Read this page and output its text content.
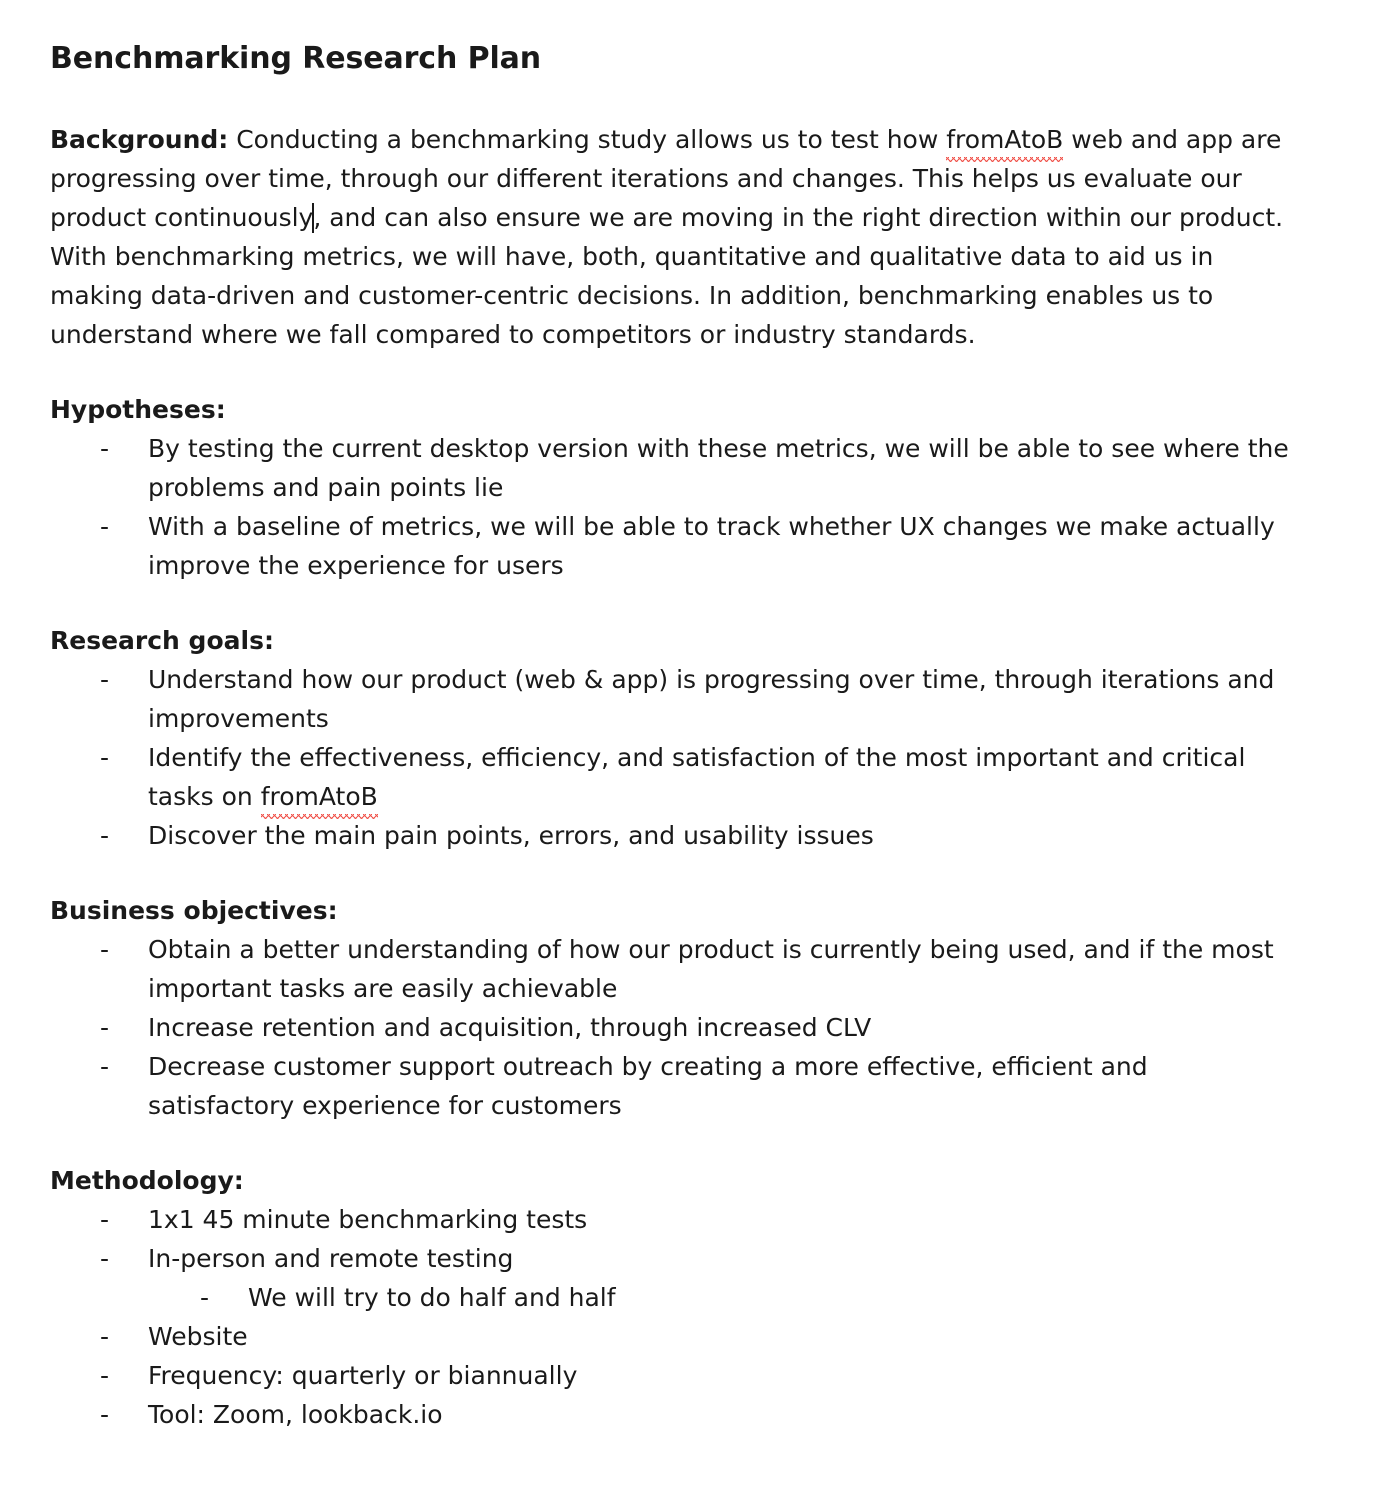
Benchmarking Research Plan

Background: Conducting a benchmarking study allows us to test how fromAtoB web and app are progressing over time, through our different iterations and changes. This helps us evaluate our product continuously, and can also ensure we are moving in the right direction within our product. With benchmarking metrics, we will have, both, quantitative and qualitative data to aid us in making data-driven and customer-centric decisions. In addition, benchmarking enables us to understand where we fall compared to competitors or industry standards.

Hypotheses:
- By testing the current desktop version with these metrics, we will be able to see where the problems and pain points lie
- With a baseline of metrics, we will be able to track whether UX changes we make actually improve the experience for users
Research goals:
- Understand how our product (web & app) is progressing over time, through iterations and improvements
- Identify the effectiveness, efficiency, and satisfaction of the most important and critical tasks on fromAtoB
- Discover the main pain points, errors, and usability issues
Business objectives:
- Obtain a better understanding of how our product is currently being used, and if the most important tasks are easily achievable
- Increase retention and acquisition, through increased CLV
- Decrease customer support outreach by creating a more effective, efficient and satisfactory experience for customers
Methodology:
- 1x1 45 minute benchmarking tests
- In-person and remote testing
- We will try to do half and half
- Website
- Frequency: quarterly or biannually
- Tool: Zoom, lookback.io
